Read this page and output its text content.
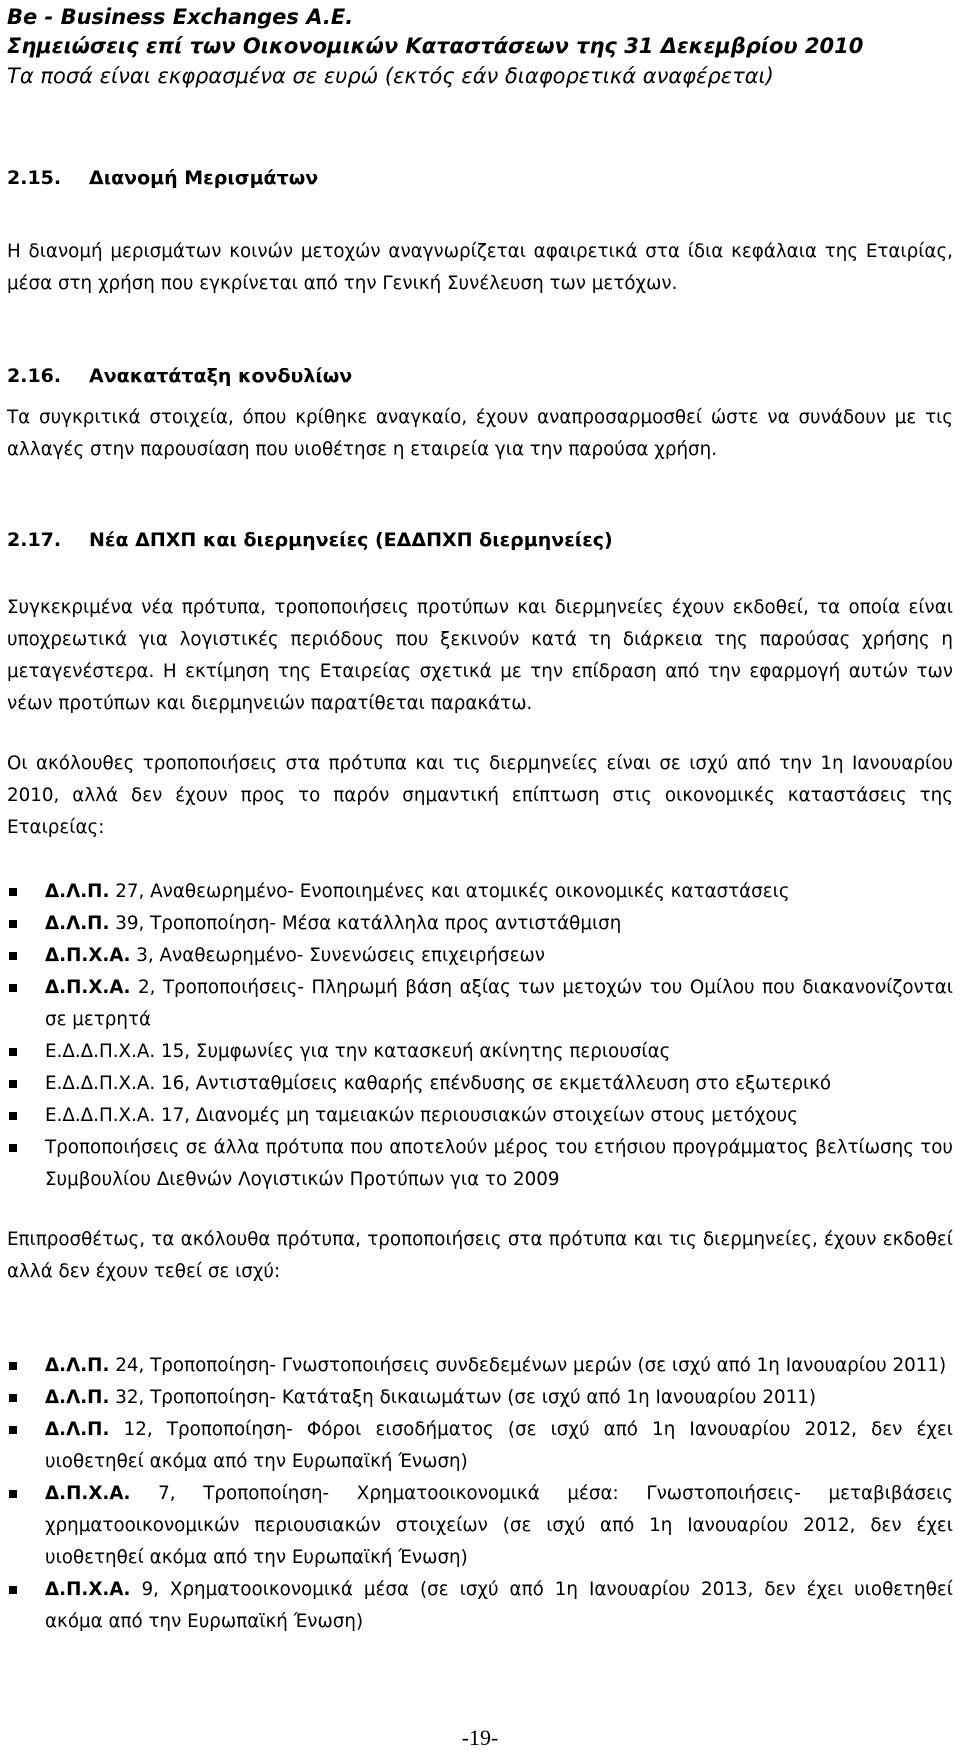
Be - Business Exchanges A.E.
Σημειώσεις επί των Οικονομικών Καταστάσεων της 31 Δεκεμβρίου 2010
Τα ποσά είναι εκφρασμένα σε ευρώ (εκτός εάν διαφορετικά αναφέρεται)
2.15. Διανομή Μερισμάτων

Η διανομή μερισμάτων κοινών μετοχών αναγνωρίζεται αφαιρετικά στα ίδια κεφάλαια της Εταιρίας, μέσα στη χρήση που εγκρίνεται από την Γενική Συνέλευση των μετόχων.

2.16. Ανακατάταξη κονδυλίων

Τα συγκριτικά στοιχεία, όπου κρίθηκε αναγκαίο, έχουν αναπροσαρμοσθεί ώστε να συνάδουν με τις αλλαγές στην παρουσίαση που υιοθέτησε η εταιρεία για την παρούσα χρήση.

2.17. Νέα ΔΠΧΠ και διερμηνείες (ΕΔΔΠΧΠ διερμηνείες)

Συγκεκριμένα νέα πρότυπα, τροποποιήσεις προτύπων και διερμηνείες έχουν εκδοθεί, τα οποία είναι υποχρεωτικά για λογιστικές περιόδους που ξεκινούν κατά τη διάρκεια της παρούσας χρήσης η μεταγενέστερα. Η εκτίμηση της Εταιρείας σχετικά με την επίδραση από την εφαρμογή αυτών των νέων προτύπων και διερμηνειών παρατίθεται παρακάτω.

Οι ακόλουθες τροποποιήσεις στα πρότυπα και τις διερμηνείες είναι σε ισχύ από την 1η Ιανουαρίου 2010, αλλά δεν έχουν προς το παρόν σημαντική επίπτωση στις οικονομικές καταστάσεις της Εταιρείας:

Δ.Λ.Π. 27, Αναθεωρημένο- Ενοποιημένες και ατομικές οικονομικές καταστάσεις
Δ.Λ.Π. 39, Τροποποίηση- Μέσα κατάλληλα προς αντιστάθμιση
Δ.Π.Χ.Α. 3, Αναθεωρημένο- Συνενώσεις επιχειρήσεων
Δ.Π.Χ.Α. 2, Τροποποιήσεις- Πληρωμή βάση αξίας των μετοχών του Ομίλου που διακανονίζονται σε μετρητά
Ε.Δ.Δ.Π.Χ.Α. 15, Συμφωνίες για την κατασκευή ακίνητης περιουσίας
Ε.Δ.Δ.Π.Χ.Α. 16, Αντισταθμίσεις καθαρής επένδυσης σε εκμετάλλευση στο εξωτερικό
Ε.Δ.Δ.Π.Χ.Α. 17, Διανομές μη ταμειακών περιουσιακών στοιχείων στους μετόχους
Τροποποιήσεις σε άλλα πρότυπα που αποτελούν μέρος του ετήσιου προγράμματος βελτίωσης του Συμβουλίου Διεθνών Λογιστικών Προτύπων για το 2009

Επιπροσθέτως, τα ακόλουθα πρότυπα, τροποποιήσεις στα πρότυπα και τις διερμηνείες, έχουν εκδοθεί αλλά δεν έχουν τεθεί σε ισχύ:

Δ.Λ.Π. 24, Τροποποίηση- Γνωστοποιήσεις συνδεδεμένων μερών (σε ισχύ από 1η Ιανουαρίου 2011)
Δ.Λ.Π. 32, Τροποποίηση- Κατάταξη δικαιωμάτων (σε ισχύ από 1η Ιανουαρίου 2011)
Δ.Λ.Π. 12, Τροποποίηση- Φόροι εισοδήματος (σε ισχύ από 1η Ιανουαρίου 2012, δεν έχει υιοθετηθεί ακόμα από την Ευρωπαϊκή Ένωση)
Δ.Π.Χ.Α. 7, Τροποποίηση- Χρηματοοικονομικά μέσα: Γνωστοποιήσεις- μεταβιβάσεις χρηματοοικονομικών περιουσιακών στοιχείων (σε ισχύ από 1η Ιανουαρίου 2012, δεν έχει υιοθετηθεί ακόμα από την Ευρωπαϊκή Ένωση)
Δ.Π.Χ.Α. 9, Χρηματοοικονομικά μέσα (σε ισχύ από 1η Ιανουαρίου 2013, δεν έχει υιοθετηθεί ακόμα από την Ευρωπαϊκή Ένωση)
-19-
